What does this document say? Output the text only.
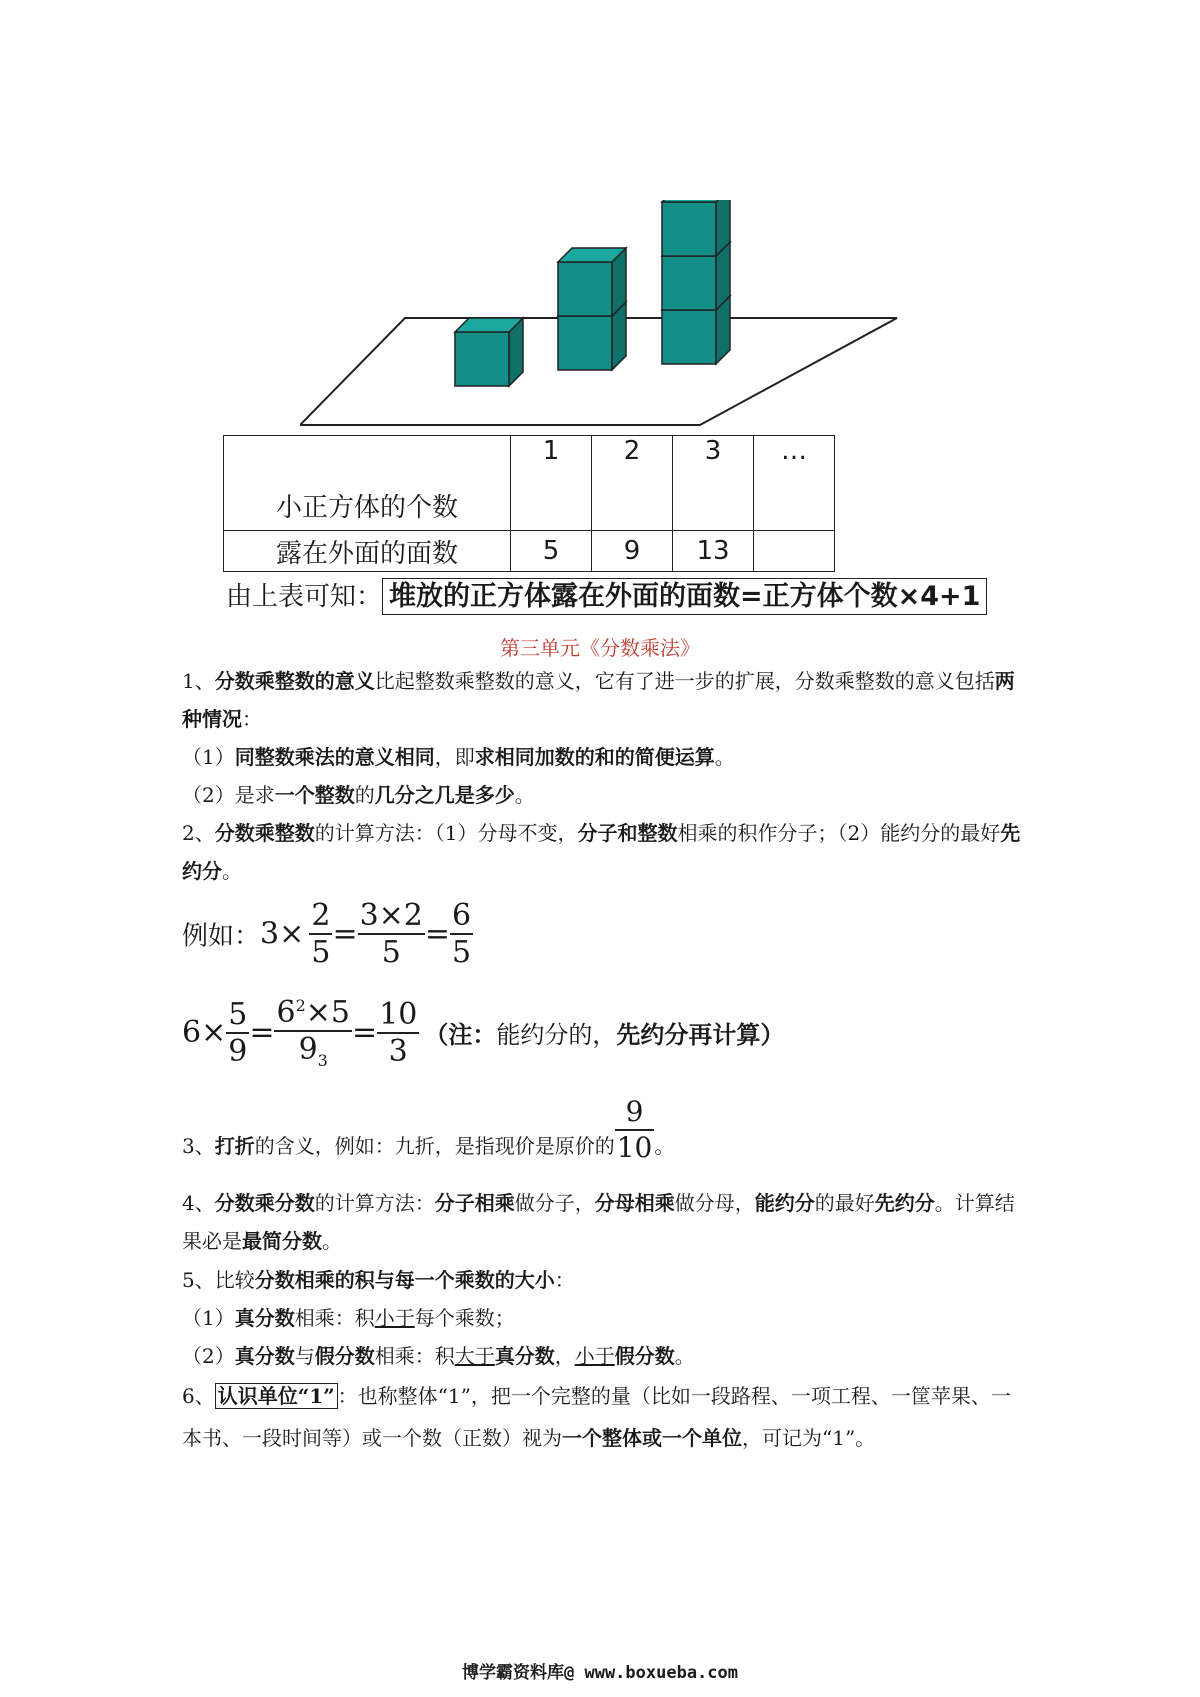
小正方体的个数	1	2	3	…
露在外面的面数	5	9	13	
由上表可知： 堆放的正方体露在外面的面数=正方体个数×4+1
第三单元《分数乘法》
1、分数乘整数的意义比起整数乘整数的意义，它有了进一步的扩展，分数乘整数的意义包括两种情况：
（1）同整数乘法的意义相同，即求相同加数的和的简便运算。
（2）是求一个整数的几分之几是多少。
2、分数乘整数的计算方法：（1）分母不变，分子和整数相乘的积作分子；（2）能约分的最好先约分。
例如：$3\times \frac{2}{5} = \frac{3\times 2}{5} = \frac{6}{5}$
$6\times \frac{5}{9} = \frac{6^2\times 5}{9_3} = \frac{10}{3}$ （注：能约分的，先约分再计算）
3、打折的含义，例如：九折，是指现价是原价的 $\frac{9}{10}$ 。
4、分数乘分数的计算方法：分子相乘做分子，分母相乘做分母，能约分的最好先约分。计算结果必是最简分数。
5、比较分数相乘的积与每一个乘数的大小：
（1）真分数相乘：积小于每个乘数；
（2）真分数与假分数相乘：积大于真分数，小于假分数。
6、 认识单位“1” ：也称整体“1”，把一个完整的量（比如一段路程、一项工程、一筐苹果、一本书、一段时间等）或一个数（正数）视为一个整体或一个单位，可记为“1”。
博学霸资料库@ www.boxueba.com
